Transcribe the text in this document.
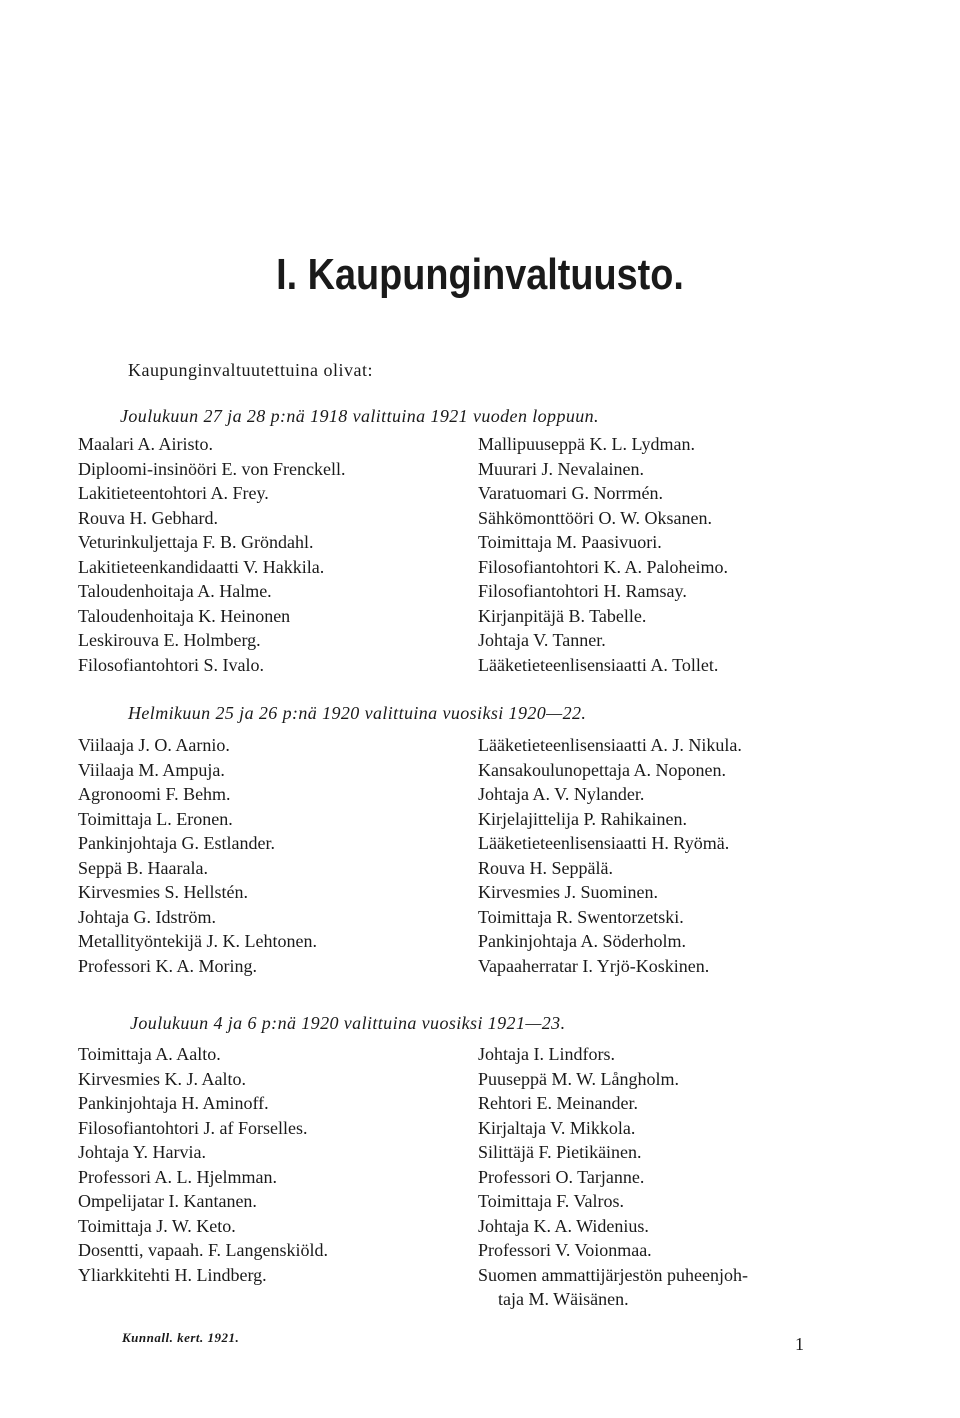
I. Kaupunginvaltuusto.
Kaupunginvaltuutettuina olivat:
Joulukuun 27 ja 28 p:nä 1918 valittuina 1921 vuoden loppuun.
Maalari A. Airisto.
Diploomi-insinööri E. von Frenckell.
Lakitieteentohtori A. Frey.
Rouva H. Gebhard.
Veturinkuljettaja F. B. Gröndahl.
Lakitieteenkandidaatti V. Hakkila.
Taloudenhoitaja A. Halme.
Taloudenhoitaja K. Heinonen
Leskirouva E. Holmberg.
Filosofiantohtori S. Ivalo.
Mallipuuseppä K. L. Lydman.
Muurari J. Nevalainen.
Varatuomari G. Norrmén.
Sähkömonttööri O. W. Oksanen.
Toimittaja M. Paasivuori.
Filosofiantohtori K. A. Paloheimo.
Filosofiantohtori H. Ramsay.
Kirjanpitäjä B. Tabelle.
Johtaja V. Tanner.
Lääketieteenlisensiaatti A. Tollet.
Helmikuun 25 ja 26 p:nä 1920 valittuina vuosiksi 1920—22.
Viilaaja J. O. Aarnio.
Viilaaja M. Ampuja.
Agronoomi F. Behm.
Toimittaja L. Eronen.
Pankinjohtaja G. Estlander.
Seppä B. Haarala.
Kirvesmies S. Hellstén.
Johtaja G. Idström.
Metallityöntekijä J. K. Lehtonen.
Professori K. A. Moring.
Lääketieteenlisensiaatti A. J. Nikula.
Kansakoulunopettaja A. Noponen.
Johtaja A. V. Nylander.
Kirjelajittelija P. Rahikainen.
Lääketieteenlisensiaatti H. Ryömä.
Rouva H. Seppälä.
Kirvesmies J. Suominen.
Toimittaja R. Swentorzetski.
Pankinjohtaja A. Söderholm.
Vapaaherratar I. Yrjö-Koskinen.
Joulukuun 4 ja 6 p:nä 1920 valittuina vuosiksi 1921—23.
Toimittaja A. Aalto.
Kirvesmies K. J. Aalto.
Pankinjohtaja H. Aminoff.
Filosofiantohtori J. af Forselles.
Johtaja Y. Harvia.
Professori A. L. Hjelmman.
Ompelijatar I. Kantanen.
Toimittaja J. W. Keto.
Dosentti, vapaah. F. Langenskiöld.
Yliarkkitehti H. Lindberg.
Johtaja I. Lindfors.
Puuseppä M. W. Långholm.
Rehtori E. Meinander.
Kirjaltaja V. Mikkola.
Silittäjä F. Pietikäinen.
Professori O. Tarjanne.
Toimittaja F. Valros.
Johtaja K. A. Widenius.
Professori V. Voionmaa.
Suomen ammattijärjestön puheenjoh-
taja M. Wäisänen.
Kunnall. kert. 1921.	1
